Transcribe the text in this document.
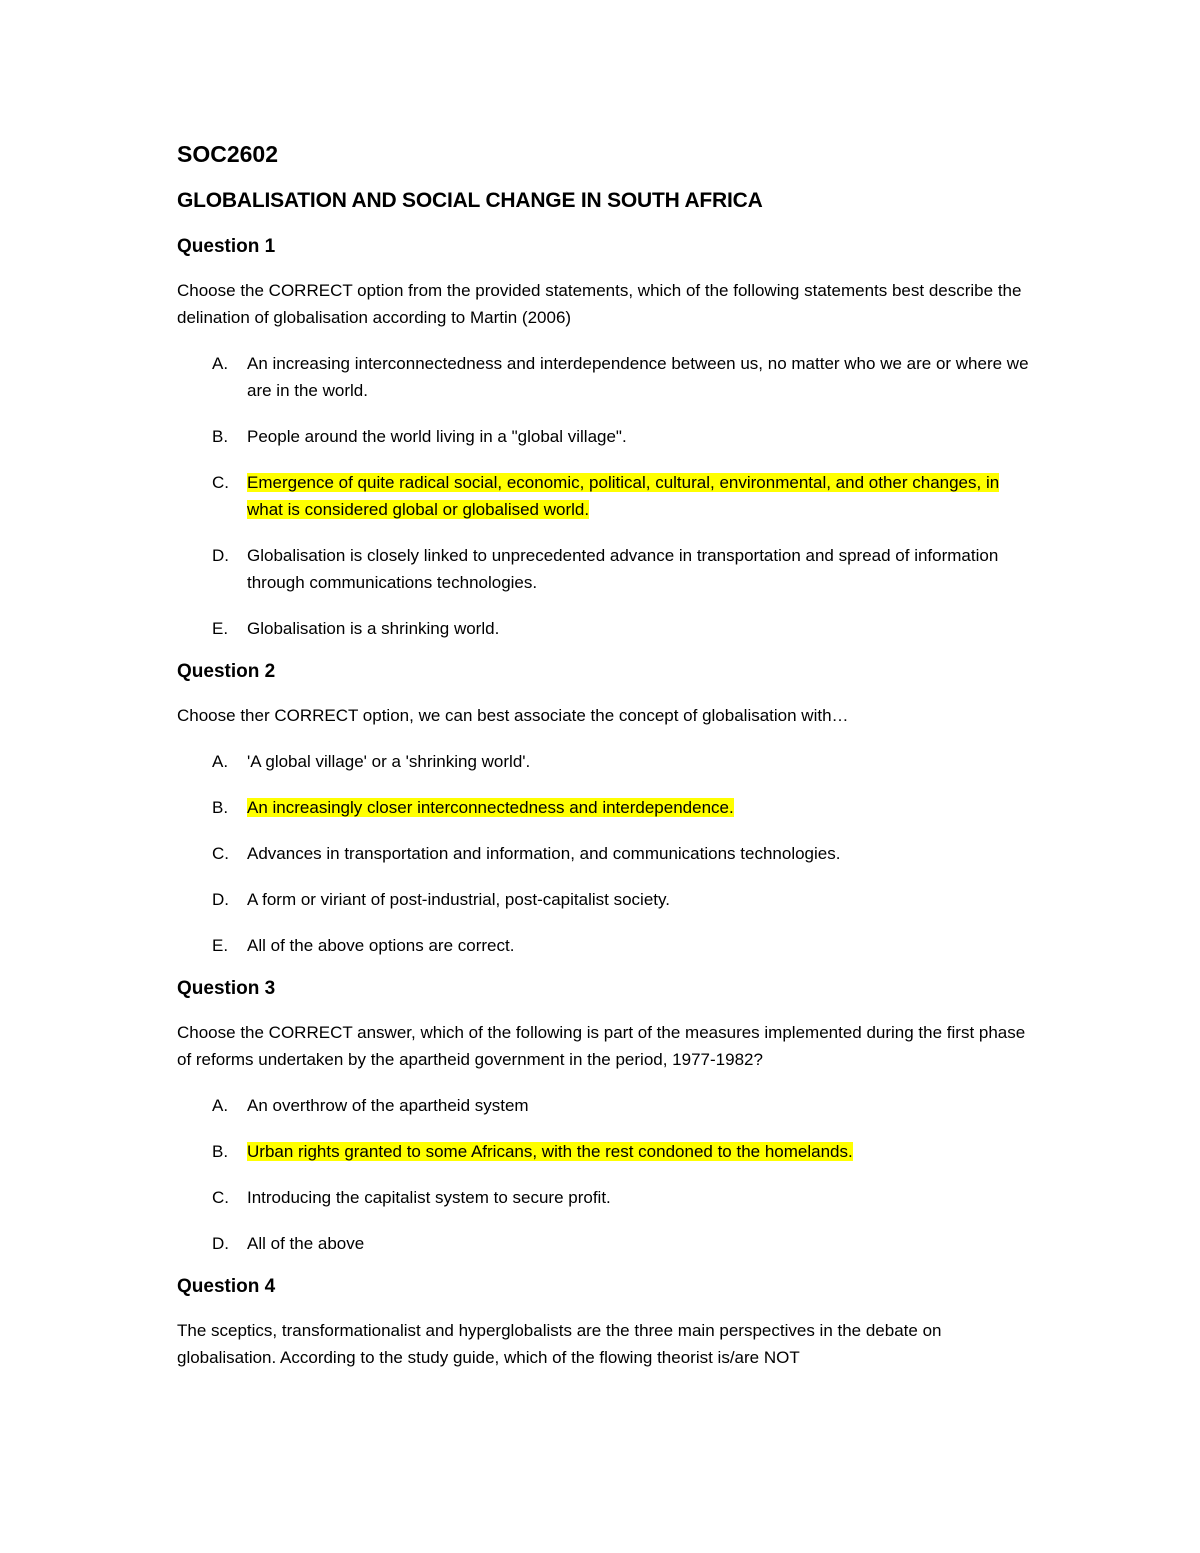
SOC2602
GLOBALISATION AND SOCIAL CHANGE IN SOUTH AFRICA
Question 1
Choose the CORRECT option from the provided statements, which of the following statements best describe the delination of globalisation according to Martin (2006)
A. An increasing interconnectedness and interdependence between us, no matter who we are or where we are in the world.
B. People around the world living in a "global village".
C. Emergence of quite radical social, economic, political, cultural, environmental, and other changes, in what is considered global or globalised world.
D. Globalisation is closely linked to unprecedented advance in transportation and spread of information through communications technologies.
E. Globalisation is a shrinking world.
Question 2
Choose ther CORRECT option, we can best associate the concept of globalisation with…
A. 'A global village' or a 'shrinking world'.
B. An increasingly closer interconnectedness and interdependence.
C. Advances in transportation and information, and communications technologies.
D. A form or viriant of post-industrial, post-capitalist society.
E. All of the above options are correct.
Question 3
Choose the CORRECT answer, which of the following is part of the measures implemented during the first phase of reforms undertaken by the apartheid government in the period, 1977-1982?
A. An overthrow of the apartheid system
B. Urban rights granted to some Africans, with the rest condoned to the homelands.
C. Introducing the capitalist system to secure profit.
D. All of the above
Question 4
The sceptics, transformationalist and hyperglobalists are the three main perspectives in the debate on globalisation. According to the study guide, which of the flowing theorist is/are NOT
